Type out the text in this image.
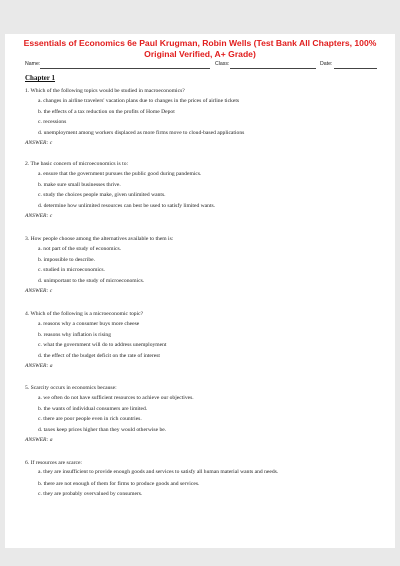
Essentials of Economics 6e Paul Krugman, Robin Wells (Test Bank All Chapters, 100% Original Verified, A+ Grade)
Name:	Class:	Date:
Chapter 1
1. Which of the following topics would be studied in macroeconomics?
a. changes in airline travelers' vacation plans due to changes in the prices of airline tickets
b. the effects of a tax reduction on the profits of Home Depot
c. recessions
d. unemployment among workers displaced as more firms move to cloud-based applications
ANSWER: c
2. The basic concern of microeconomics is to:
a. ensure that the government pursues the public good during pandemics.
b. make sure small businesses thrive.
c. study the choices people make, given unlimited wants.
d. determine how unlimited resources can best be used to satisfy limited wants.
ANSWER: c
3. How people choose among the alternatives available to them is:
a. not part of the study of economics.
b. impossible to describe.
c. studied in microeconomics.
d. unimportant to the study of microeconomics.
ANSWER: c
4. Which of the following is a microeconomic topic?
a. reasons why a consumer buys more cheese
b. reasons why inflation is rising
c. what the government will do to address unemployment
d. the effect of the budget deficit on the rate of interest
ANSWER: a
5. Scarcity occurs in economics because:
a. we often do not have sufficient resources to achieve our objectives.
b. the wants of individual consumers are limited.
c. there are poor people even in rich countries.
d. taxes keep prices higher than they would otherwise be.
ANSWER: a
6. If resources are scarce:
a. they are insufficient to provide enough goods and services to satisfy all human material wants and needs.
b. there are not enough of them for firms to produce goods and services.
c. they are probably overvalued by consumers.
